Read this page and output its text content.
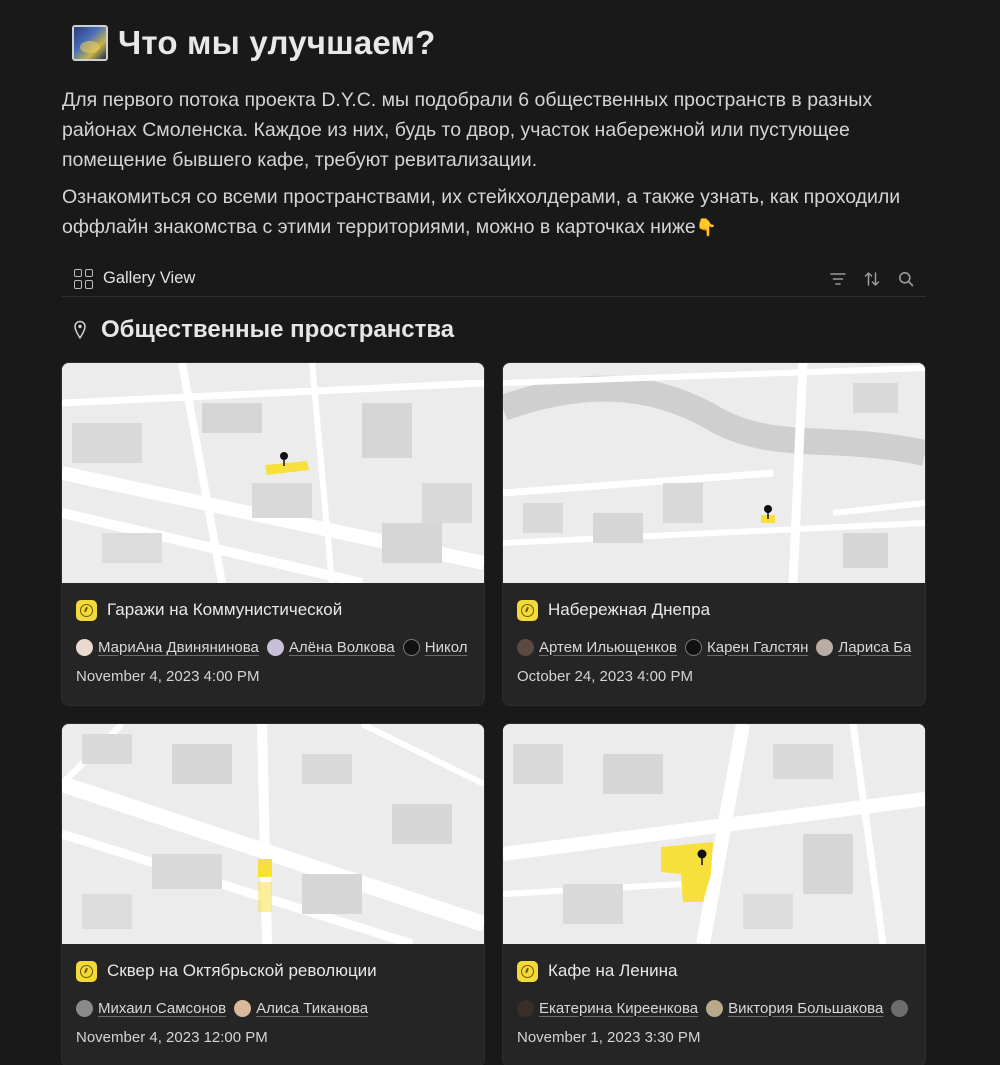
Что мы улучшаем?

Для первого потока проекта D.Y.C. мы подобрали 6 общественных пространств в разных районах Смоленска. Каждое из них, будь то двор, участок набережной или пустующее помещение бывшего кафе, требуют ревитализации.

Ознакомиться со всеми пространствами, их стейкхолдерами, а также узнать, как проходили оффлайн знакомства с этими территориями, можно в карточках ниже👇

Gallery View
Общественные пространства
Гаражи на Коммунистической
МариАна Двинянинова Алёна Волкова Никол
November 4, 2023 4:00 PM
Набережная Днепра
Артем Ильющенков Карен Галстян Лариса Ба
October 24, 2023 4:00 PM
Сквер на Октябрьской революции
Михаил Самсонов Алиса Тиканова
November 4, 2023 12:00 PM
Кафе на Ленина
Екатерина Киреенкова Виктория Большакова
November 1, 2023 3:30 PM
